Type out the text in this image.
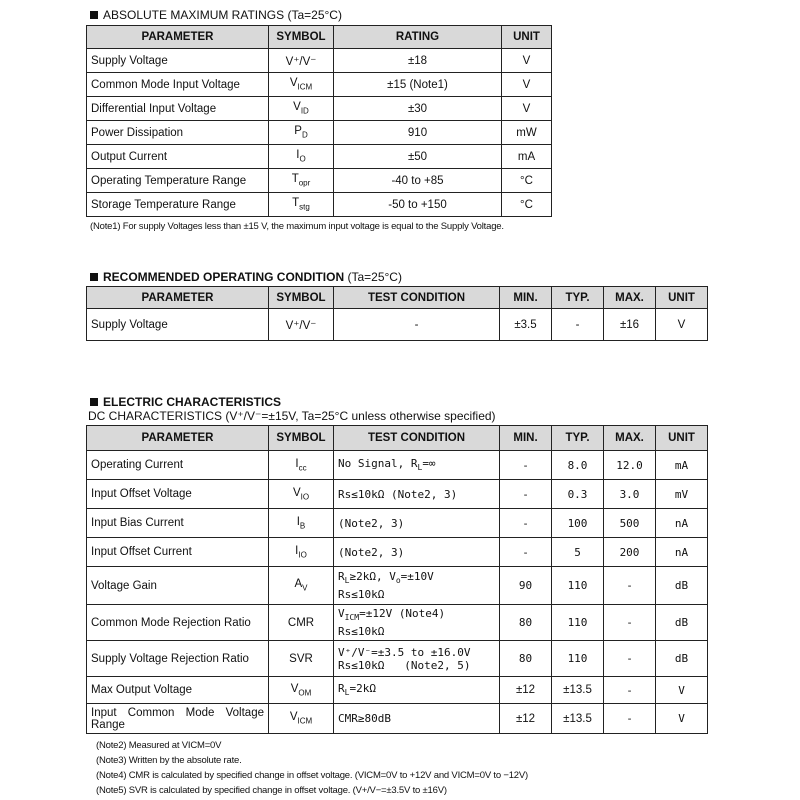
ABSOLUTE MAXIMUM RATINGS (Ta=25°C)
PARAMETER	SYMBOL	RATING	UNIT
Supply Voltage	V⁺/V⁻	±18	V
Common Mode Input Voltage	$V_{ICM}$	±15 (Note1)	V
Differential Input Voltage	$V_{ID}$	±30	V
Power Dissipation	$P_D$	910	mW
Output Current	$I_O$	±50	mA
Operating Temperature Range	$T_{opr}$	-40 to +85	°C
Storage Temperature Range	$T_{stg}$	-50 to +150	°C
(Note1) For supply Voltages less than ±15 V, the maximum input voltage is equal to the Supply Voltage.
RECOMMENDED OPERATING CONDITION (Ta=25°C)
PARAMETER	SYMBOL	TEST CONDITION	MIN.	TYP.	MAX.	UNIT
Supply Voltage	V⁺/V⁻	-	±3.5	-	±16	V
ELECTRIC CHARACTERISTICS
DC CHARACTERISTICS (V⁺/V⁻=±15V, Ta=25°C unless otherwise specified)
PARAMETER	SYMBOL	TEST CONDITION	MIN.	TYP.	MAX.	UNIT
Operating Current	$I_{cc}$	No Signal, $R_L=\infty$	-	8.0	12.0	mA
Input Offset Voltage	$V_{IO}$	Rs≤10kΩ (Note2, 3)	-	0.3	3.0	mV
Input Bias Current	$I_B$	(Note2, 3)	-	100	500	nA
Input Offset Current	$I_{IO}$	(Note2, 3)	-	5	200	nA
Voltage Gain	$A_V$	$R_L\ge 2k\Omega$, $V_o=\pm 10V$
Rs≤10kΩ	90	110	-	dB
Common Mode Rejection Ratio	CMR	$V_{ICM}=\pm 12V$ (Note4)
Rs≤10kΩ	80	110	-	dB
Supply Voltage Rejection Ratio	SVR	V⁺/V⁻=±3.5 to ±16.0V
Rs≤10kΩ   (Note2, 5)	80	110	-	dB
Max Output Voltage	$V_{OM}$	$R_L=2k\Omega$	±12	±13.5	-	V
Input Common Mode Voltage Range	$V_{ICM}$	CMR≥80dB	±12	±13.5	-	V
(Note2) Measured at VICM=0V
(Note3) Written by the absolute rate.
(Note4) CMR is calculated by specified change in offset voltage. (VICM=0V to +12V and VICM=0V to −12V)
(Note5) SVR is calculated by specified change in offset voltage. (V+/V−=±3.5V to ±16V)
